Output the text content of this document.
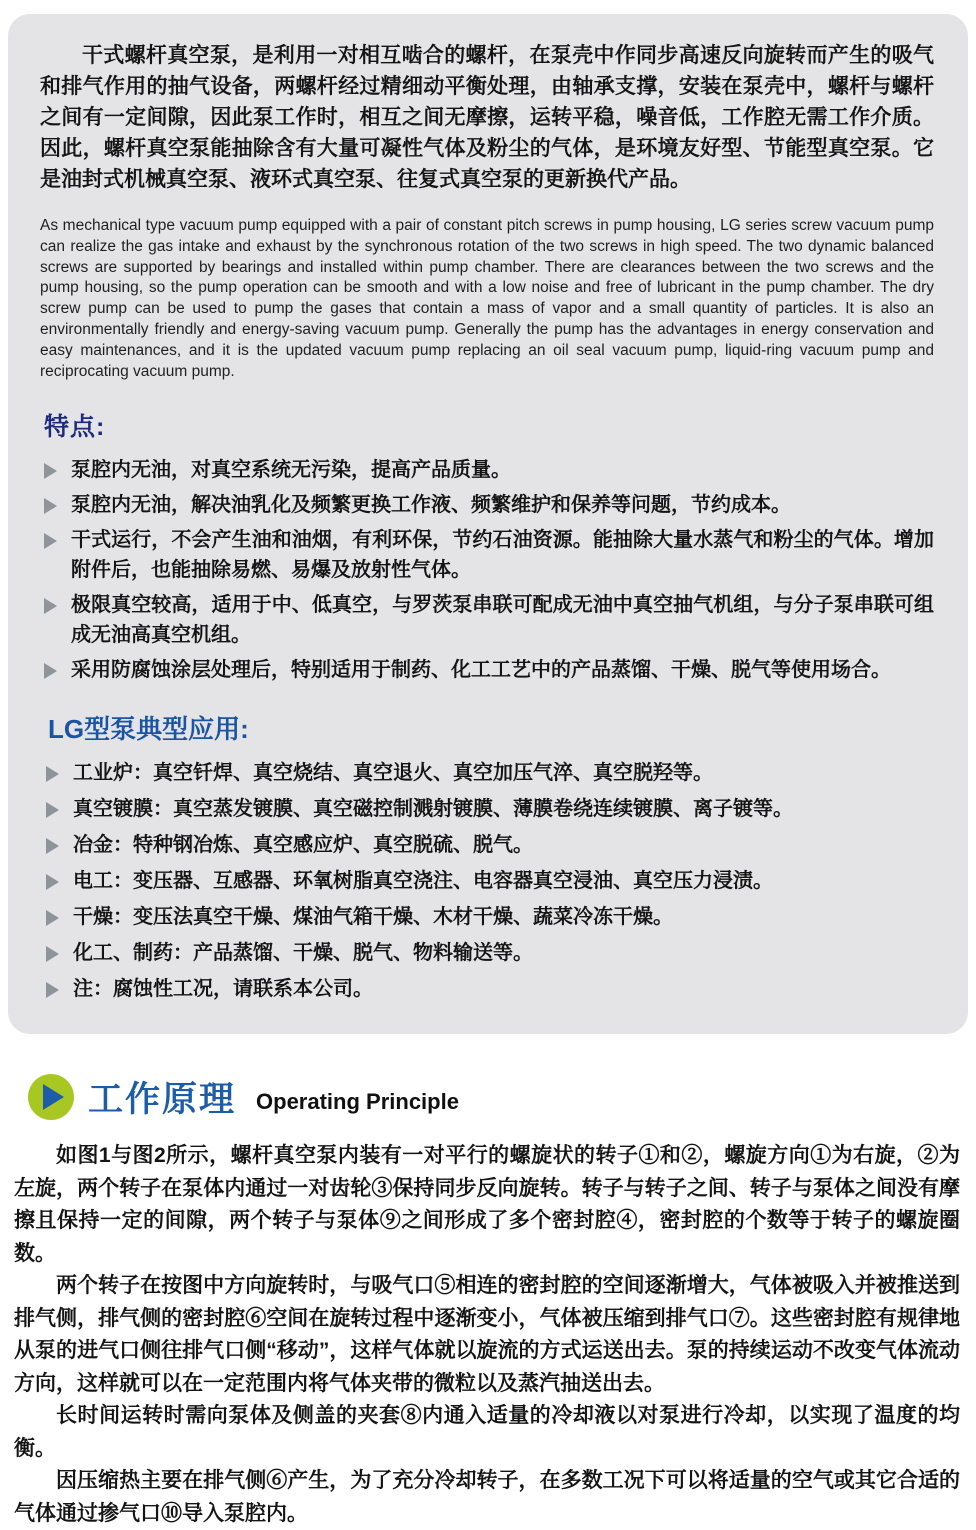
干式螺杆真空泵，是利用一对相互啮合的螺杆，在泵壳中作同步高速反向旋转而产生的吸气和排气作用的抽气设备，两螺杆经过精细动平衡处理，由轴承支撑，安装在泵壳中，螺杆与螺杆之间有一定间隙，因此泵工作时，相互之间无摩擦，运转平稳，噪音低，工作腔无需工作介质。因此，螺杆真空泵能抽除含有大量可凝性气体及粉尘的气体，是环境友好型、节能型真空泵。它是油封式机械真空泵、液环式真空泵、往复式真空泵的更新换代产品。

As mechanical type vacuum pump equipped with a pair of constant pitch screws in pump housing, LG series screw vacuum pump can realize the gas intake and exhaust by the synchronous rotation of the two screws in high speed. The two dynamic balanced screws are supported by bearings and installed within pump chamber. There are clearances between the two screws and the pump housing, so the pump operation can be smooth and with a low noise and free of lubricant in the pump chamber. The dry screw pump can be used to pump the gases that contain a mass of vapor and a small quantity of particles. It is also an environmentally friendly and energy-saving vacuum pump. Generally the pump has the advantages in energy conservation and easy maintenances, and it is the updated vacuum pump replacing an oil seal vacuum pump, liquid-ring vacuum pump and reciprocating vacuum pump.

特点:
泵腔内无油，对真空系统无污染，提高产品质量。
泵腔内无油，解决油乳化及频繁更换工作液、频繁维护和保养等问题，节约成本。
干式运行，不会产生油和油烟，有利环保，节约石油资源。能抽除大量水蒸气和粉尘的气体。增加附件后，也能抽除易燃、易爆及放射性气体。
极限真空较高，适用于中、低真空，与罗茨泵串联可配成无油中真空抽气机组，与分子泵串联可组成无油高真空机组。
采用防腐蚀涂层处理后，特别适用于制药、化工工艺中的产品蒸馏、干燥、脱气等使用场合。
LG型泵典型应用:
工业炉：真空钎焊、真空烧结、真空退火、真空加压气淬、真空脱羟等。
真空镀膜：真空蒸发镀膜、真空磁控制溅射镀膜、薄膜卷绕连续镀膜、离子镀等。
冶金：特种钢冶炼、真空感应炉、真空脱硫、脱气。
电工：变压器、互感器、环氧树脂真空浇注、电容器真空浸油、真空压力浸渍。
干燥：变压法真空干燥、煤油气箱干燥、木材干燥、蔬菜冷冻干燥。
化工、制药：产品蒸馏、干燥、脱气、物料输送等。
注：腐蚀性工况，请联系本公司。
工作原理 Operating Principle

如图1与图2所示，螺杆真空泵内装有一对平行的螺旋状的转子①和②，螺旋方向①为右旋，②为左旋，两个转子在泵体内通过一对齿轮③保持同步反向旋转。转子与转子之间、转子与泵体之间没有摩擦且保持一定的间隙，两个转子与泵体⑨之间形成了多个密封腔④，密封腔的个数等于转子的螺旋圈数。

两个转子在按图中方向旋转时，与吸气口⑤相连的密封腔的空间逐渐增大，气体被吸入并被推送到排气侧，排气侧的密封腔⑥空间在旋转过程中逐渐变小，气体被压缩到排气口⑦。这些密封腔有规律地从泵的进气口侧往排气口侧“移动”，这样气体就以旋流的方式运送出去。泵的持续运动不改变气体流动方向，这样就可以在一定范围内将气体夹带的微粒以及蒸汽抽送出去。

长时间运转时需向泵体及侧盖的夹套⑧内通入适量的冷却液以对泵进行冷却，以实现了温度的均衡。

因压缩热主要在排气侧⑥产生，为了充分冷却转子，在多数工况下可以将适量的空气或其它合适的气体通过掺气口⑩导入泵腔内。
